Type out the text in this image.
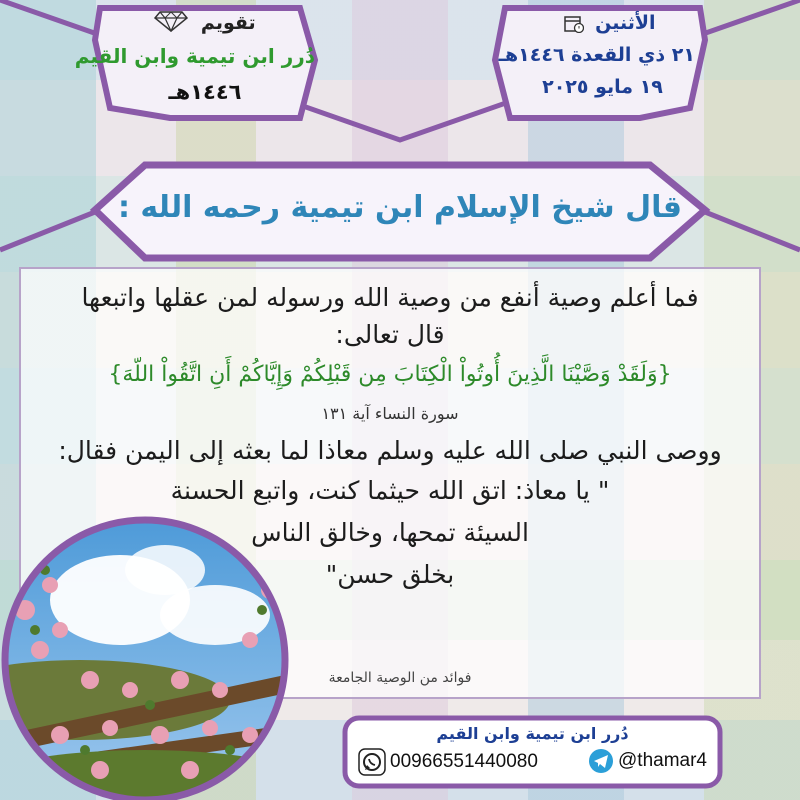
الأثنين
٢١ ذي القعدة ١٤٤٦هـ
١٩ مايو ٢٠٢٥
تقويم
دُرر ابن تيمية وابن القيم
١٤٤٦هـ
قال شيخ الإسلام ابن تيمية رحمه الله :
فما أعلم وصية أنفع من وصية الله ورسوله لمن عقلها واتبعها
قال تعالى:
{وَلَقَدْ وَصَّيْنَا الَّذِينَ أُوتُواْ الْكِتَابَ مِن قَبْلِكُمْ وَإِيَّاكُمْ أَنِ اتَّقُواْ اللّهَ}
سورة النساء آية ١٣١
ووصى النبي صلى الله عليه وسلم معاذا لما بعثه إلى اليمن فقال:
" يا معاذ: اتق الله حيثما كنت، واتبع الحسنة
السيئة تمحها، وخالق الناس
بخلق حسن"
فوائد من الوصية الجامعة
دُرر ابن تيمية وابن القيم
00966551440080	@thamar4
